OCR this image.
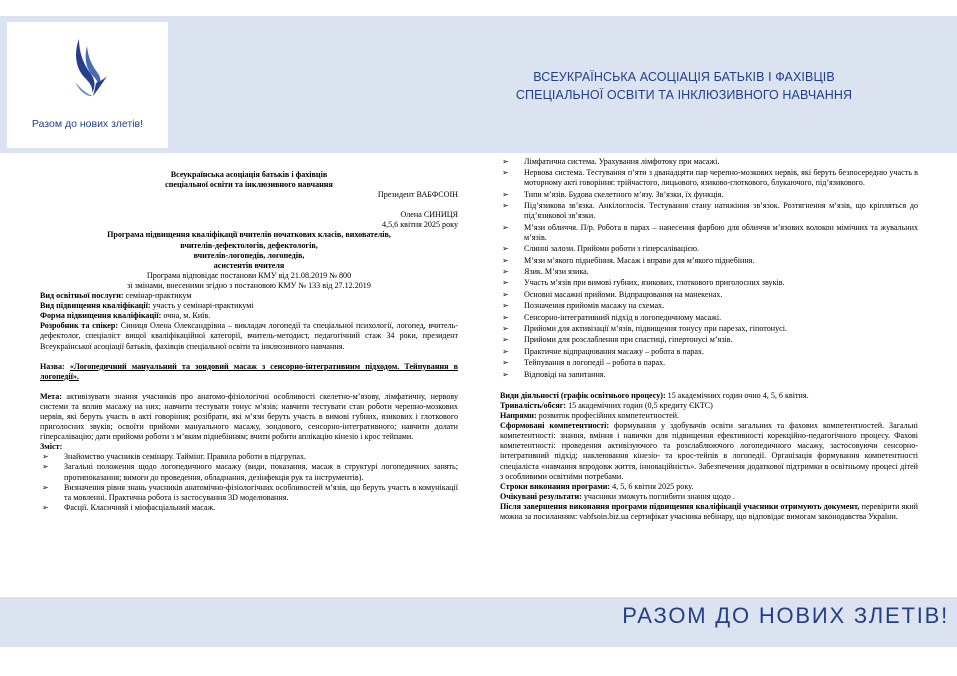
Разом до нових злетів!
ВСЕУКРАЇНСЬКА АСОЦІАЦІЯ БАТЬКІВ І ФАХІВЦІВ
СПЕЦІАЛЬНОЇ ОСВІТИ ТА ІНКЛЮЗИВНОГО НАВЧАННЯ

Всеукраїнська асоціація батьків і фахівців

спеціальної освіти та інклюзивного навчання

Президент ВАБФСОІН

Олена СИНИЦЯ

4,5,6 квітня 2025 року

Програма підвищення кваліфікації вчителів початкових класів, вихователів,

вчителів-дефектологів, дефектологів,

вчителів-логопедів, логопедів,

асистентів вчителя

Програма відповідає постанови КМУ від 21.08.2019 № 800

зі змінами, внесеними згідно з постановою КМУ № 133 від 27.12.2019

Вид освітньої послуги: семінар-практикум

Вид підвищення кваліфікації: участь у семінарі-практикумі

Форма підвищення кваліфікації: очна, м. Київ.

Розробник та спікер: Синиця Олена Олександрівна – викладач логопедії та спеціальної психології, логопед, вчитель-дефектолог, спеціаліст вищої кваліфікаційної категорії, вчитель-методист, педагогічний стаж 34 роки, президент Всеукраїнської асоціації батьків, фахівців спеціальної освіти та інклюзивного навчання.

Назва: «Логопедичний мануальний та зондовий масаж з сенсорно-інтегративним підходом. Тейпування в логопедії».

Мета: активізувати знання учасників про анатомо-фізіологічні особливості скелетно-м’язову, лімфатичну, нервову системи та вплив масажу на них; навчити тестувати тонус м’язів; навчити тестувати стан роботи черепно-мозкових нервів, які беруть участь в акті говоріння; розібрати, які м’язи беруть участь в вимові губних, язикових і глоткового приголосних звуків; освоїти прийоми мануального масажу, зондового, сенсорно-інтегративного; навчити долати гіперсалівацію; дати прийоми роботи з м’яким піднебінням; вчити робити аплікацію кінезіо і крос тейпами.

Зміст:

➢ Знайомство учасників семінару. Таймінг. Правила роботи в підгрупах.
➢ Загальні положення щодо логопедичного масажу (види, показання, масаж в структурі логопедичних занять; протипоказання; вимоги до проведення, обладнання, дезінфекція рук та інструментів).
➢ Визначення рівня знань учасників анатомічно-фізіологічних особливостей м’язів, що беруть участь в комунікації та мовленні. Практична робота із застосування 3D моделювання.
➢ Фасції. Класичний і міофасціальний масаж.
➢ Лімфатична система. Урахування лімфотоку при масажі.
➢ Нервова система. Тестування п’яти з дванадцяти пар черепно-мозкових нервів, які беруть безпосередню участь в моторному акті говоріння: трійчастого, лицьового, язиково-глоткового, блукаючого, під’язикового.
➢ Типи м’язів. Будова скелетного м’язу. Зв’язки, їх функція.
➢ Під’язикова зв’язка. Анкілоглосія. Тестування стану натяжіння зв’язок. Розтягнення м’язів, що кріпляться до під’язикової зв’язки.
➢ М’язи обличчя. П/р. Робота в парах – нанесення фарбою для обличчя м’язових волокон мімічних та жувальних м’язів.
➢ Слинні залози. Прийоми роботи з гіперсалівацією.
➢ М’язи м’якого піднебіння. Масаж і вправи для м’якого піднебіння.
➢ Язик. М’язи язика.
➢ Участь м’язів при вимові губних, язикових, глоткового приголосних звуків.
➢ Основні масажні прийоми. Відпрацювання на манекенах.
➢ Позначення прийомів масажу на схемах.
➢ Сенсорно-інтегративний підхід в логопедичному масажі.
➢ Прийоми для активізації м’язів, підвищення тонусу при парезах, гіпотонусі.
➢ Прийоми для розслаблення при спастиці, гіпертонусі м’язів.
➢ Практичне відпрацювання масажу – робота в парах.
➢ Тейпування в логопедії – робота в парах.
➢ Відповіді на запитання.

Види діяльності (графік освітнього процесу): 15 академічних годин очно 4, 5, 6 квітня.

Тривалість/обсяг: 15 академічних годин (0,5 кредиту ЄКТС)

Напрями: розвиток професійних компетентностей.

Сформовані компетентності: формування у здобувачів освіти загальних та фахових компетентностей. Загальні компетентності: знання, вміння і навички для підвищення ефективності корекційно-педагогічного процесу. Фахові компетентності: проведення активізуючого та розслаблюючого логопедичного масажу, застосовуючи сенсорно-інтегративний підхід; наклеювання кінезіо- та крос-тейпів в логопедії. Організація формування компетентності спеціаліста «навчання впродовж життя, інноваційність». Забезпечення додаткової підтримки в освітньому процесі дітей з особливими освітніми потребами.

Строки виконання програми: 4, 5, 6 квітня 2025 року.

Очікувані результати: учасники зможуть поглибити знання щодо .

Після завершення виконання програми підвищення кваліфікації учасники отримують документ, перевірити який можна за посиланням: vabfsoin.biz.ua сертифікат учасника вебінару, що відповідає вимогам законодавства України.

РАЗОМ ДО НОВИХ ЗЛЕТІВ!
